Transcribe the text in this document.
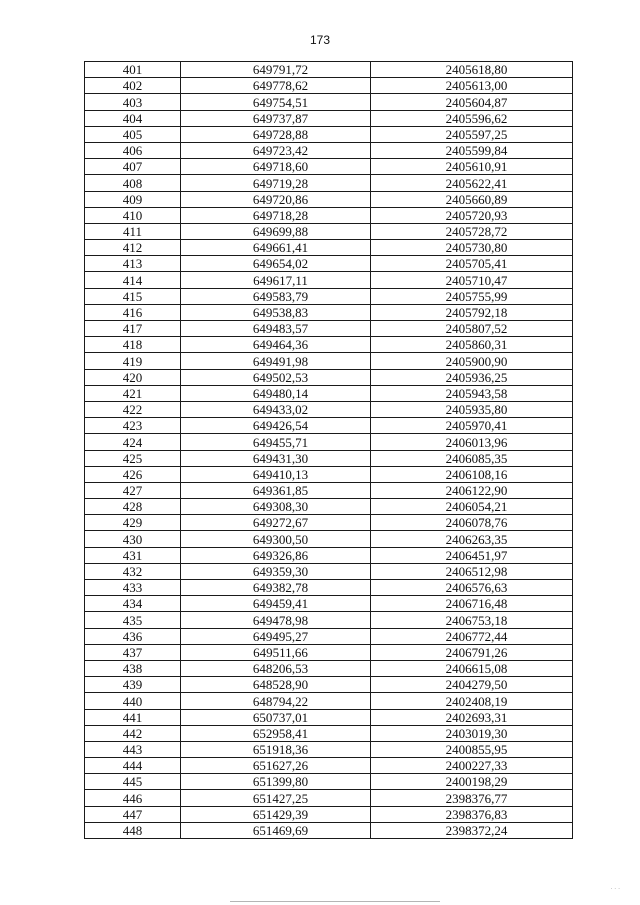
173
401	649791,72	2405618,80
402	649778,62	2405613,00
403	649754,51	2405604,87
404	649737,87	2405596,62
405	649728,88	2405597,25
406	649723,42	2405599,84
407	649718,60	2405610,91
408	649719,28	2405622,41
409	649720,86	2405660,89
410	649718,28	2405720,93
411	649699,88	2405728,72
412	649661,41	2405730,80
413	649654,02	2405705,41
414	649617,11	2405710,47
415	649583,79	2405755,99
416	649538,83	2405792,18
417	649483,57	2405807,52
418	649464,36	2405860,31
419	649491,98	2405900,90
420	649502,53	2405936,25
421	649480,14	2405943,58
422	649433,02	2405935,80
423	649426,54	2405970,41
424	649455,71	2406013,96
425	649431,30	2406085,35
426	649410,13	2406108,16
427	649361,85	2406122,90
428	649308,30	2406054,21
429	649272,67	2406078,76
430	649300,50	2406263,35
431	649326,86	2406451,97
432	649359,30	2406512,98
433	649382,78	2406576,63
434	649459,41	2406716,48
435	649478,98	2406753,18
436	649495,27	2406772,44
437	649511,66	2406791,26
438	648206,53	2406615,08
439	648528,90	2404279,50
440	648794,22	2402408,19
441	650737,01	2402693,31
442	652958,41	2403019,30
443	651918,36	2400855,95
444	651627,26	2400227,33
445	651399,80	2400198,29
446	651427,25	2398376,77
447	651429,39	2398376,83
448	651469,69	2398372,24
· · ·
